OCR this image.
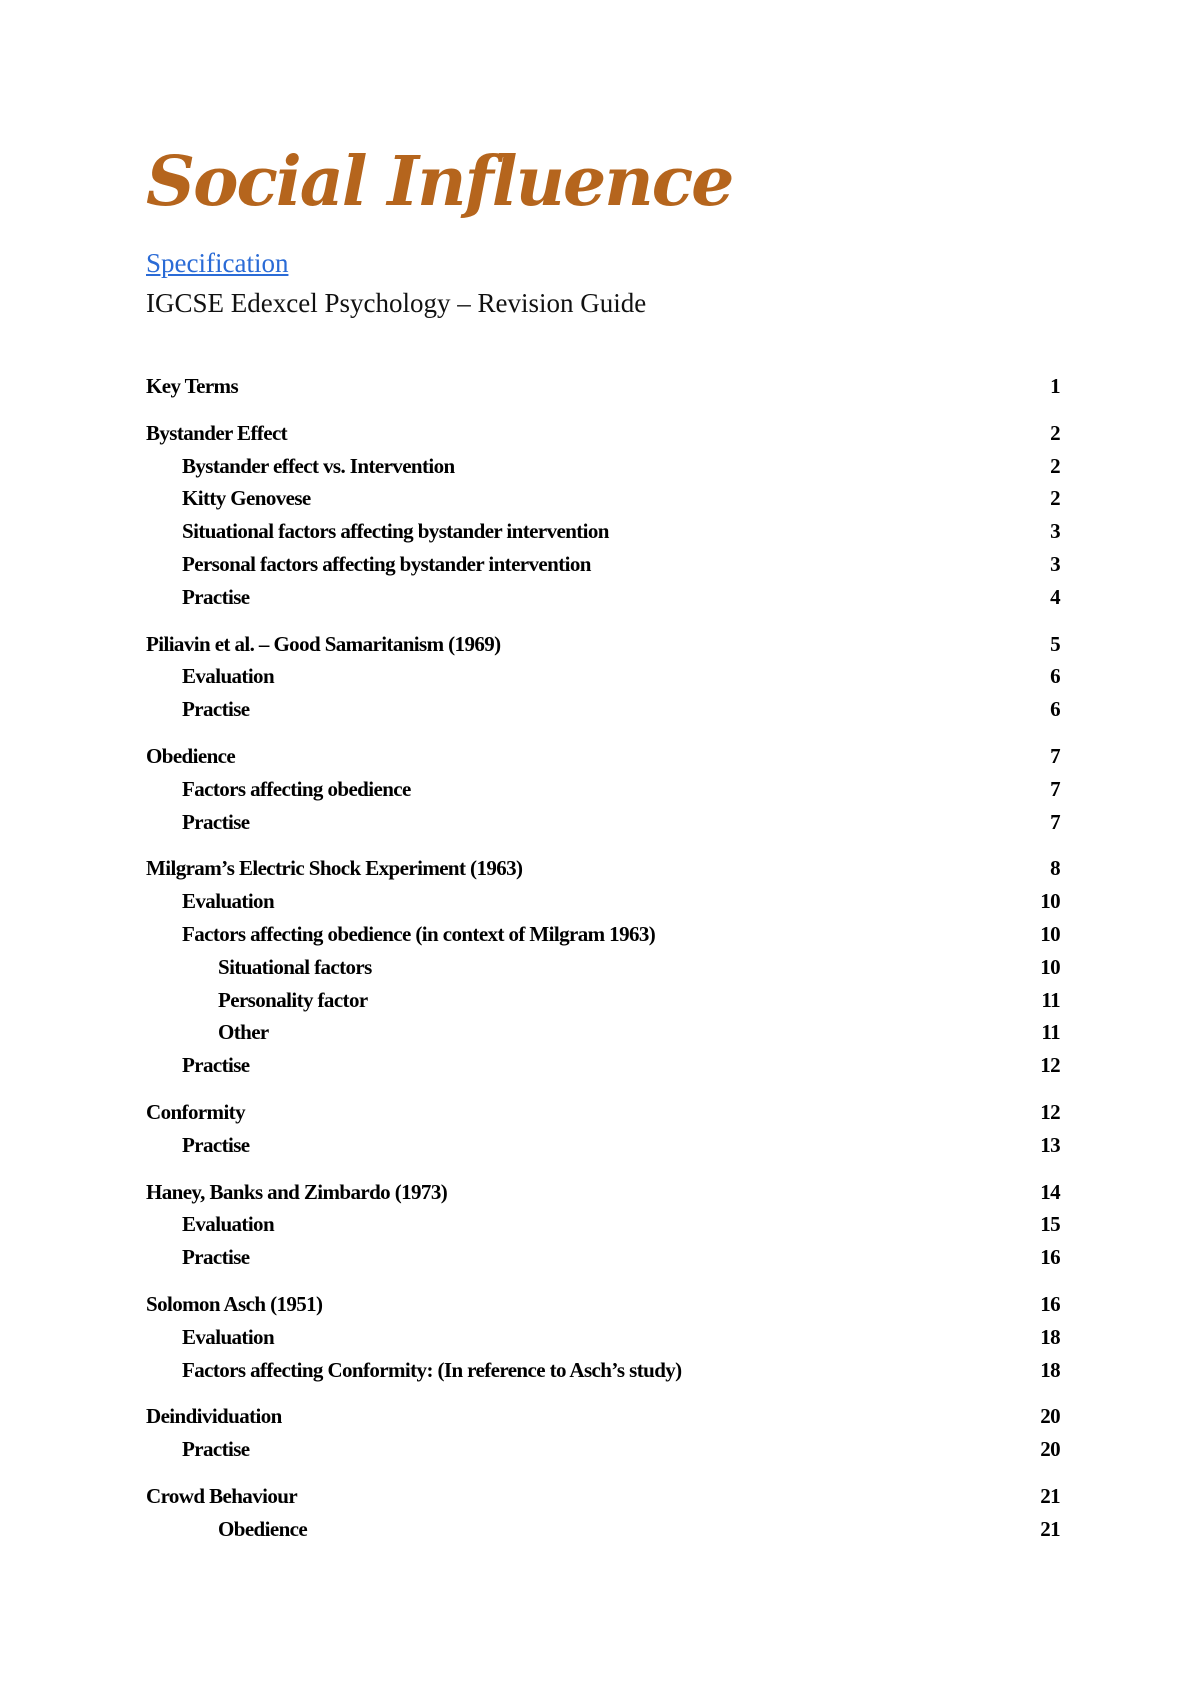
Social Influence
Specification
IGCSE Edexcel Psychology – Revision Guide
Key Terms	1
Bystander Effect	2
Bystander effect vs. Intervention	2
Kitty Genovese	2
Situational factors affecting bystander intervention	3
Personal factors affecting bystander intervention	3
Practise	4
Piliavin et al. – Good Samaritanism (1969)	5
Evaluation	6
Practise	6
Obedience	7
Factors affecting obedience	7
Practise	7
Milgram’s Electric Shock Experiment (1963)	8
Evaluation	10
Factors affecting obedience (in context of Milgram 1963)	10
Situational factors	10
Personality factor	11
Other	11
Practise	12
Conformity	12
Practise	13
Haney, Banks and Zimbardo (1973)	14
Evaluation	15
Practise	16
Solomon Asch (1951)	16
Evaluation	18
Factors affecting Conformity: (In reference to Asch’s study)	18
Deindividuation	20
Practise	20
Crowd Behaviour	21
Obedience	21
